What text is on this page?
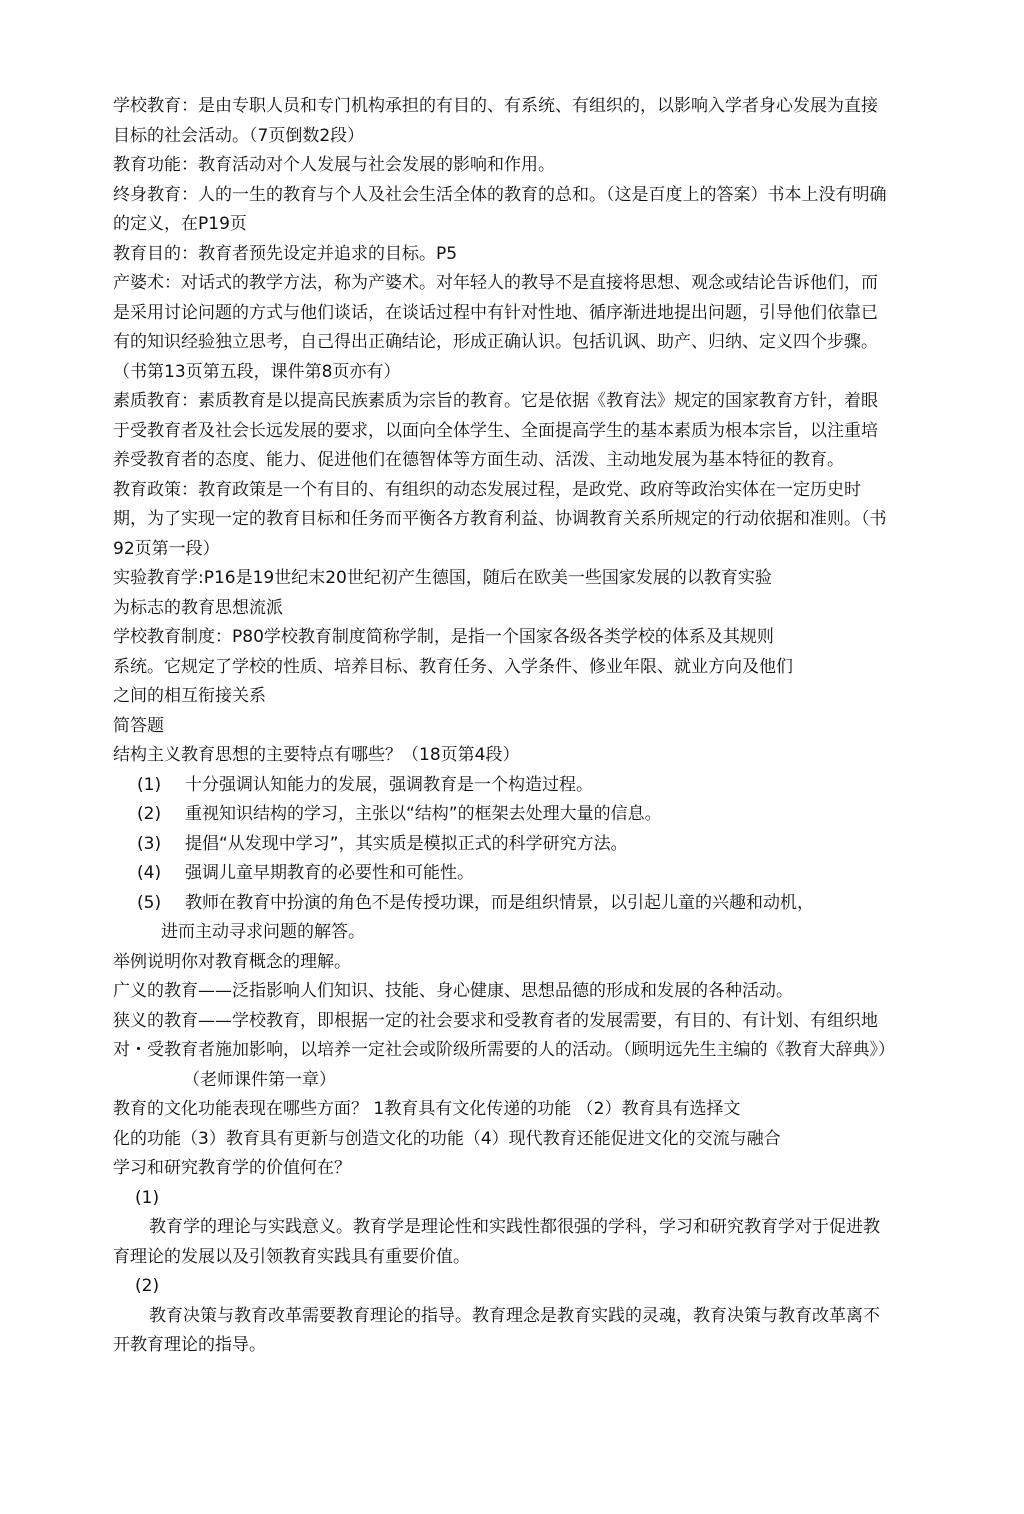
学校教育：是由专职人员和专门机构承担的有目的、有系统、有组织的，以影响入学者身心发展为直接目标的社会活动。（7页倒数2段）

教育功能：教育活动对个人发展与社会发展的影响和作用。

终身教育：人的一生的教育与个人及社会生活全体的教育的总和。（这是百度上的答案）书本上没有明确的定义，在P19页

教育目的：教育者预先设定并追求的目标。P5

产婆术：对话式的教学方法，称为产婆术。对年轻人的教导不是直接将思想、观念或结论告诉他们，而是采用讨论问题的方式与他们谈话，在谈话过程中有针对性地、循序渐进地提出问题，引导他们依靠已有的知识经验独立思考，自己得出正确结论，形成正确认识。包括讥讽、助产、归纳、定义四个步骤。（书第13页第五段，课件第8页亦有）

素质教育：素质教育是以提高民族素质为宗旨的教育。它是依据《教育法》规定的国家教育方针，着眼于受教育者及社会长远发展的要求，以面向全体学生、全面提高学生的基本素质为根本宗旨，以注重培养受教育者的态度、能力、促进他们在德智体等方面生动、活泼、主动地发展为基本特征的教育。

教育政策：教育政策是一个有目的、有组织的动态发展过程，是政党、政府等政治实体在一定历史时期，为了实现一定的教育目标和任务而平衡各方教育利益、协调教育关系所规定的行动依据和准则。（书92页第一段）

实验教育学:P16是19世纪末20世纪初产生德国，随后在欧美一些国家发展的以教育实验

为标志的教育思想流派

学校教育制度：P80学校教育制度简称学制，是指一个国家各级各类学校的体系及其规则

系统。它规定了学校的性质、培养目标、教育任务、入学条件、修业年限、就业方向及他们

之间的相互衔接关系

简答题

结构主义教育思想的主要特点有哪些？（18页第4段）

(1) 十分强调认知能力的发展，强调教育是一个构造过程。

(2) 重视知识结构的学习，主张以“结构”的框架去处理大量的信息。

(3) 提倡“从发现中学习”，其实质是模拟正式的科学研究方法。

(4) 强调儿童早期教育的必要性和可能性。

(5) 教师在教育中扮演的角色不是传授功课，而是组织情景，以引起儿童的兴趣和动机，

进而主动寻求问题的解答。

举例说明你对教育概念的理解。

广义的教育——泛指影响人们知识、技能、身心健康、思想品德的形成和发展的各种活动。

狭义的教育——学校教育，即根据一定的社会要求和受教育者的发展需要，有目的、有计划、有组织地对・受教育者施加影响，以培养一定社会或阶级所需要的人的活动。（顾明远先生主编的《教育大辞典》）（老师课件第一章）

教育的文化功能表现在哪些方面？ 1教育具有文化传递的功能 （2）教育具有选择文

化的功能（3）教育具有更新与创造文化的功能（4）现代教育还能促进文化的交流与融合

学习和研究教育学的价值何在？

(1)

教育学的理论与实践意义。教育学是理论性和实践性都很强的学科，学习和研究教育学对于促进教育理论的发展以及引领教育实践具有重要价值。

(2)

教育决策与教育改革需要教育理论的指导。教育理念是教育实践的灵魂，教育决策与教育改革离不开教育理论的指导。
